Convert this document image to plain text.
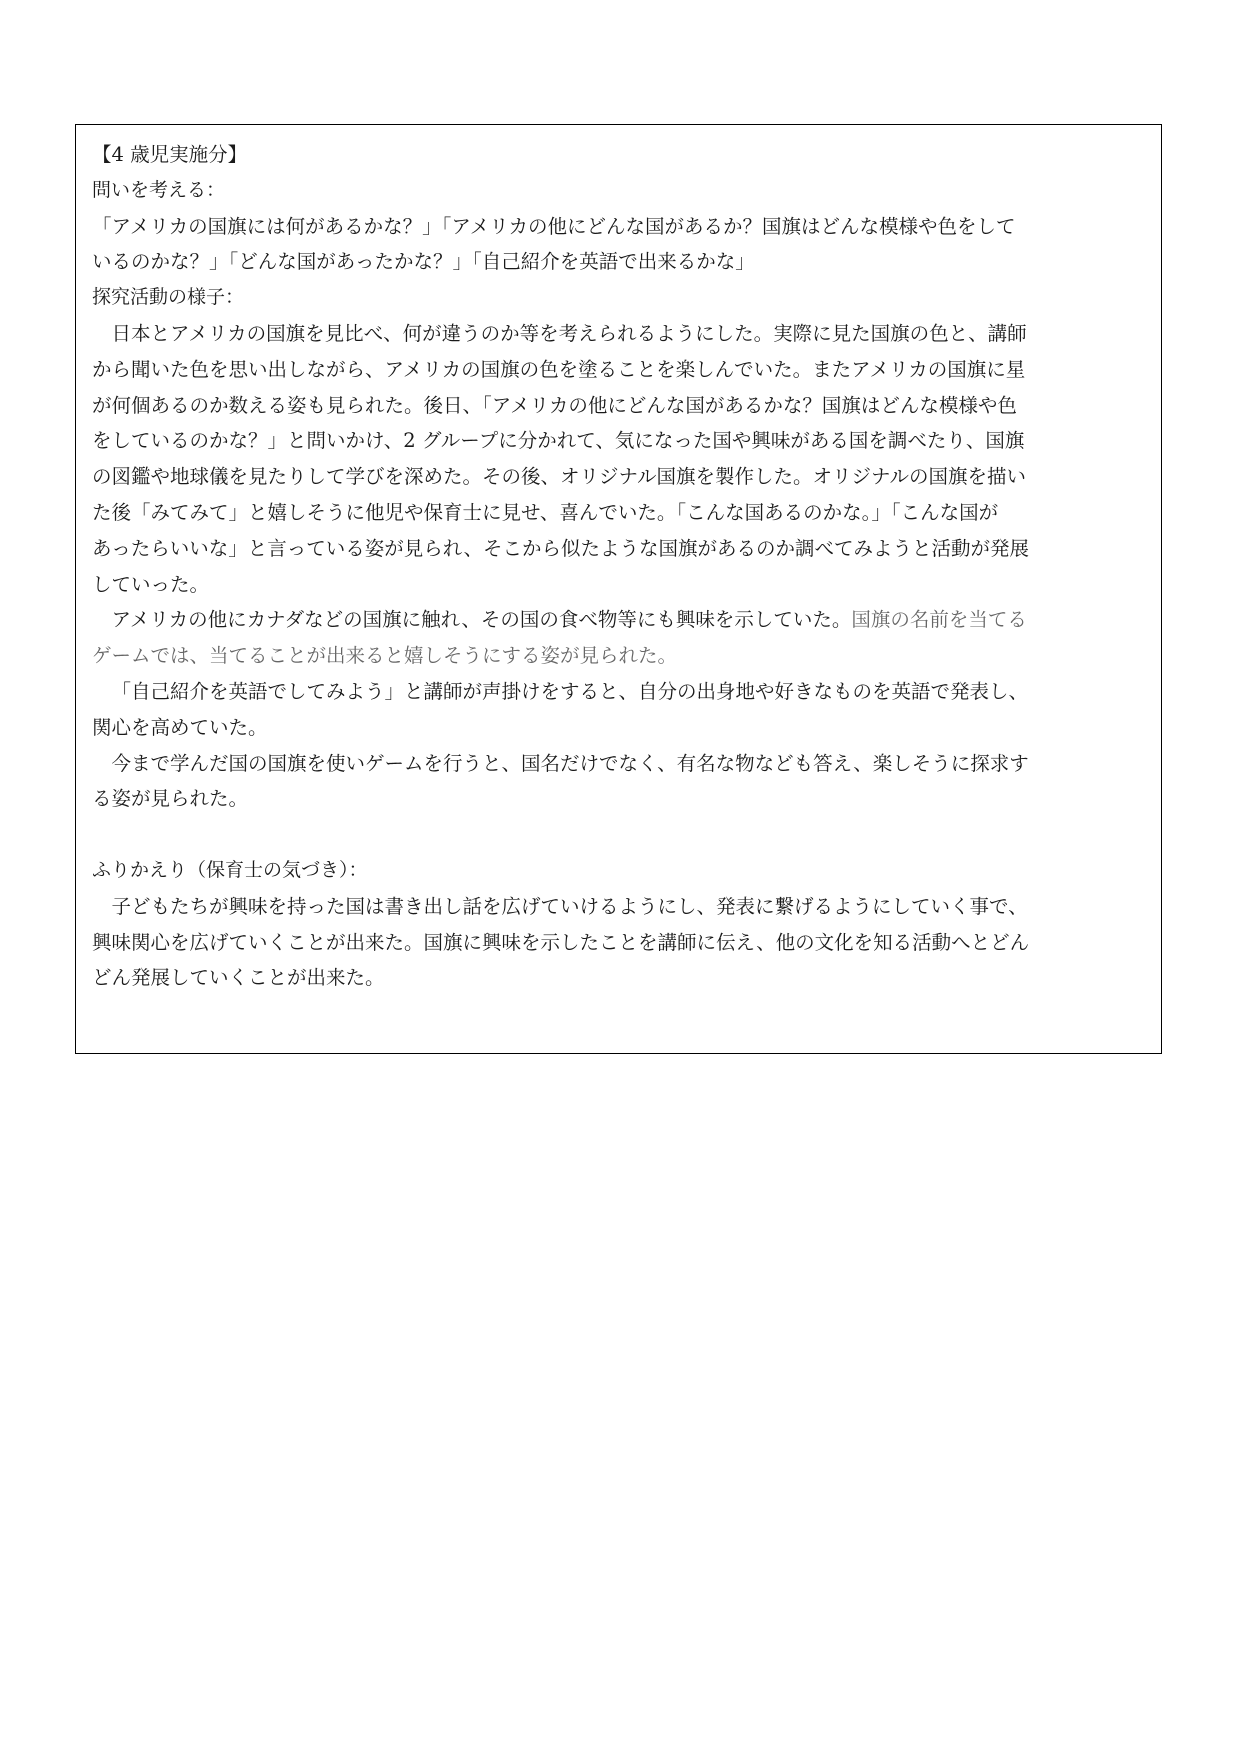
【4 歳児実施分】

問いを考える：

「アメリカの国旗には何があるかな？」「アメリカの他にどんな国があるか？国旗はどんな模様や色をして

いるのかな？」「どんな国があったかな？」「自己紹介を英語で出来るかな」

探究活動の様子：

日本とアメリカの国旗を見比べ、何が違うのか等を考えられるようにした。実際に見た国旗の色と、講師

から聞いた色を思い出しながら、アメリカの国旗の色を塗ることを楽しんでいた。またアメリカの国旗に星

が何個あるのか数える姿も見られた。後日、「アメリカの他にどんな国があるかな？国旗はどんな模様や色

をしているのかな？」と問いかけ、2 グループに分かれて、気になった国や興味がある国を調べたり、国旗

の図鑑や地球儀を見たりして学びを深めた。その後、オリジナル国旗を製作した。オリジナルの国旗を描い

た後「みてみて」と嬉しそうに他児や保育士に見せ、喜んでいた。「こんな国あるのかな。」「こんな国が

あったらいいな」と言っている姿が見られ、そこから似たような国旗があるのか調べてみようと活動が発展

していった。

アメリカの他にカナダなどの国旗に触れ、その国の食べ物等にも興味を示していた。国旗の名前を当てる

ゲームでは、当てることが出来ると嬉しそうにする姿が見られた。

「自己紹介を英語でしてみよう」と講師が声掛けをすると、自分の出身地や好きなものを英語で発表し、

関心を高めていた。

今まで学んだ国の国旗を使いゲームを行うと、国名だけでなく、有名な物なども答え、楽しそうに探求す

る姿が見られた。

ふりかえり（保育士の気づき）：

子どもたちが興味を持った国は書き出し話を広げていけるようにし、発表に繋げるようにしていく事で、

興味関心を広げていくことが出来た。国旗に興味を示したことを講師に伝え、他の文化を知る活動へとどん

どん発展していくことが出来た。
